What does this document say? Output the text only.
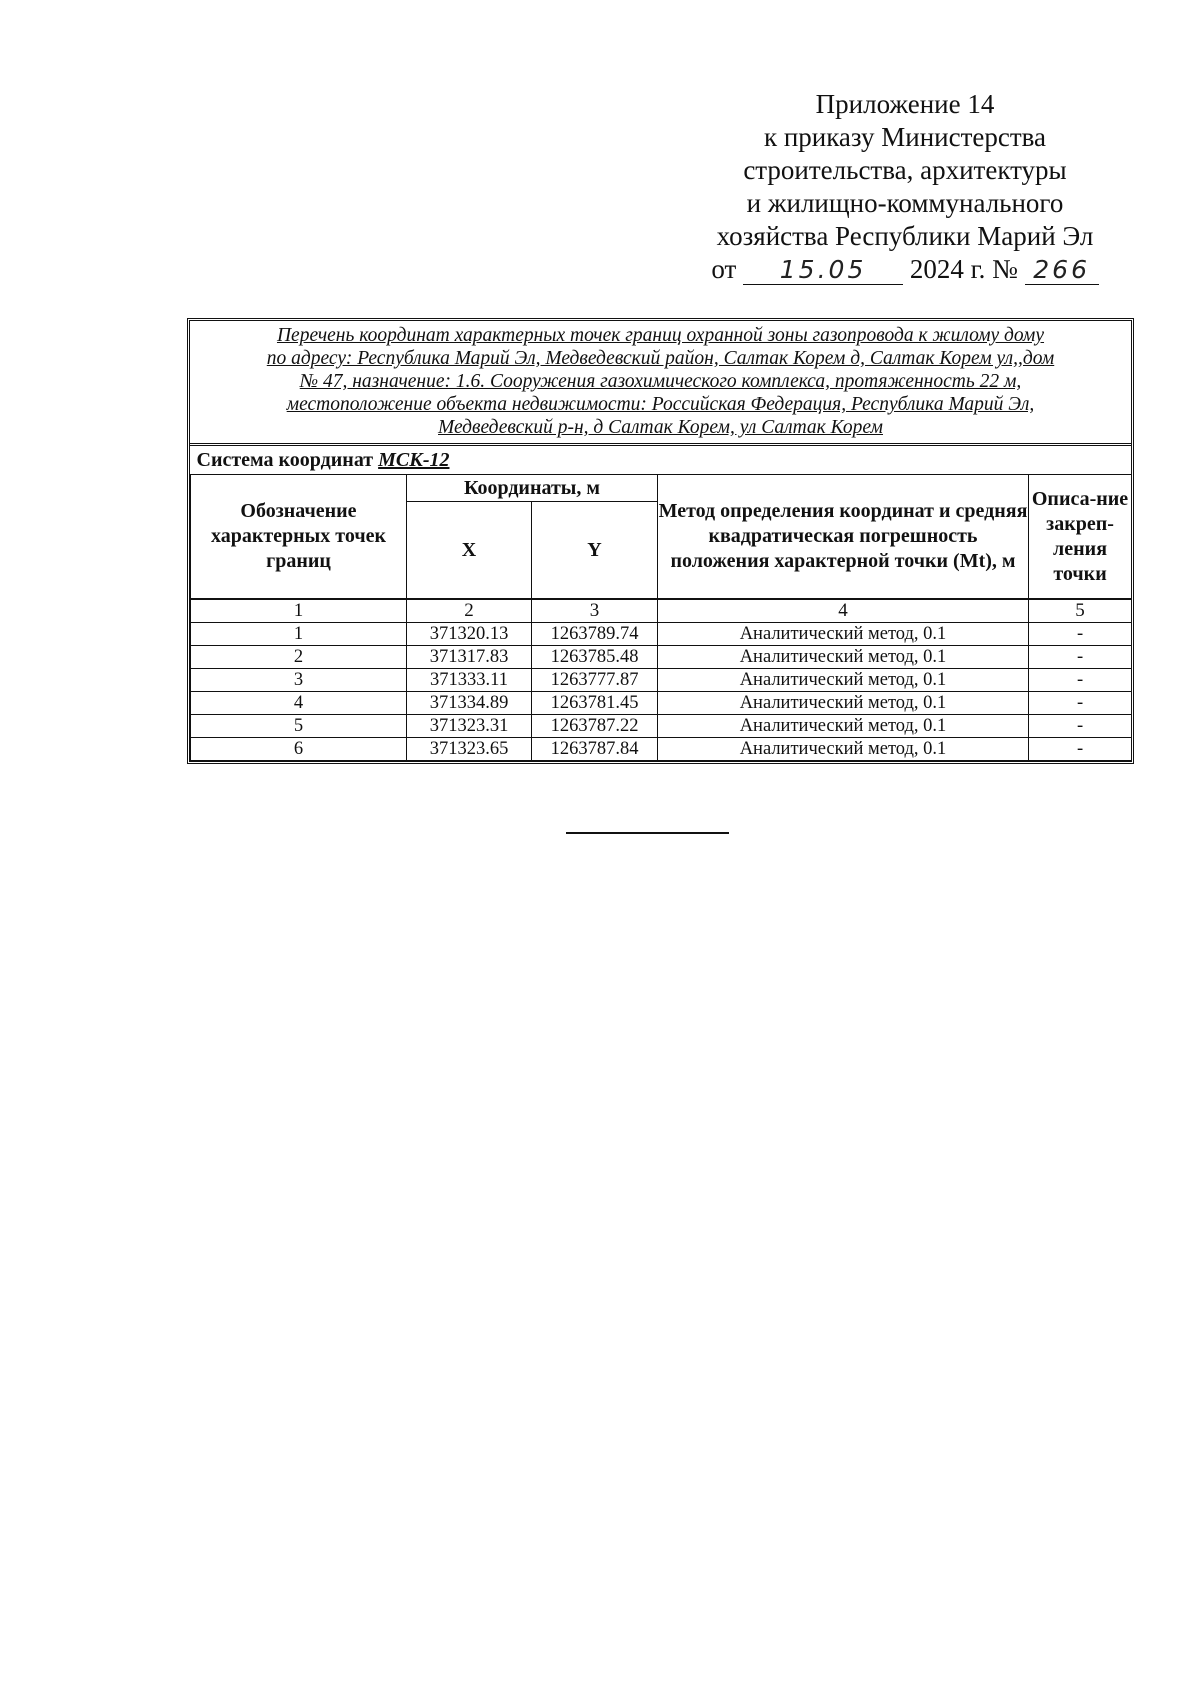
Приложение 14
к приказу Министерства
строительства, архитектуры
и жилищно-коммунального
хозяйства Республики Марий Эл
от 15.05 2024 г. № 266
Перечень координат характерных точек границ охранной зоны газопровода к жилому дому
по адресу: Республика Марий Эл, Медведевский район, Салтак Корем д, Салтак Корем ул,,дом
№ 47, назначение: 1.6. Сооружения газохимического комплекса, протяженность 22 м,
местоположение объекта недвижимости: Российская Федерация, Республика Марий Эл,
Медведевский р-н, д Салтак Корем, ул Салтак Корем
Система координат МСК-12				
Обозначение характерных точек границ	Координаты, м		Метод определения координат и средняя квадратическая погрешность положения характерной точки (Mt), м	Описа-ние закреп-ления точки
	X	Y		
1	2	3	4	5
1	371320.13	1263789.74	Аналитический метод, 0.1	-
2	371317.83	1263785.48	Аналитический метод, 0.1	-
3	371333.11	1263777.87	Аналитический метод, 0.1	-
4	371334.89	1263781.45	Аналитический метод, 0.1	-
5	371323.31	1263787.22	Аналитический метод, 0.1	-
6	371323.65	1263787.84	Аналитический метод, 0.1	-
